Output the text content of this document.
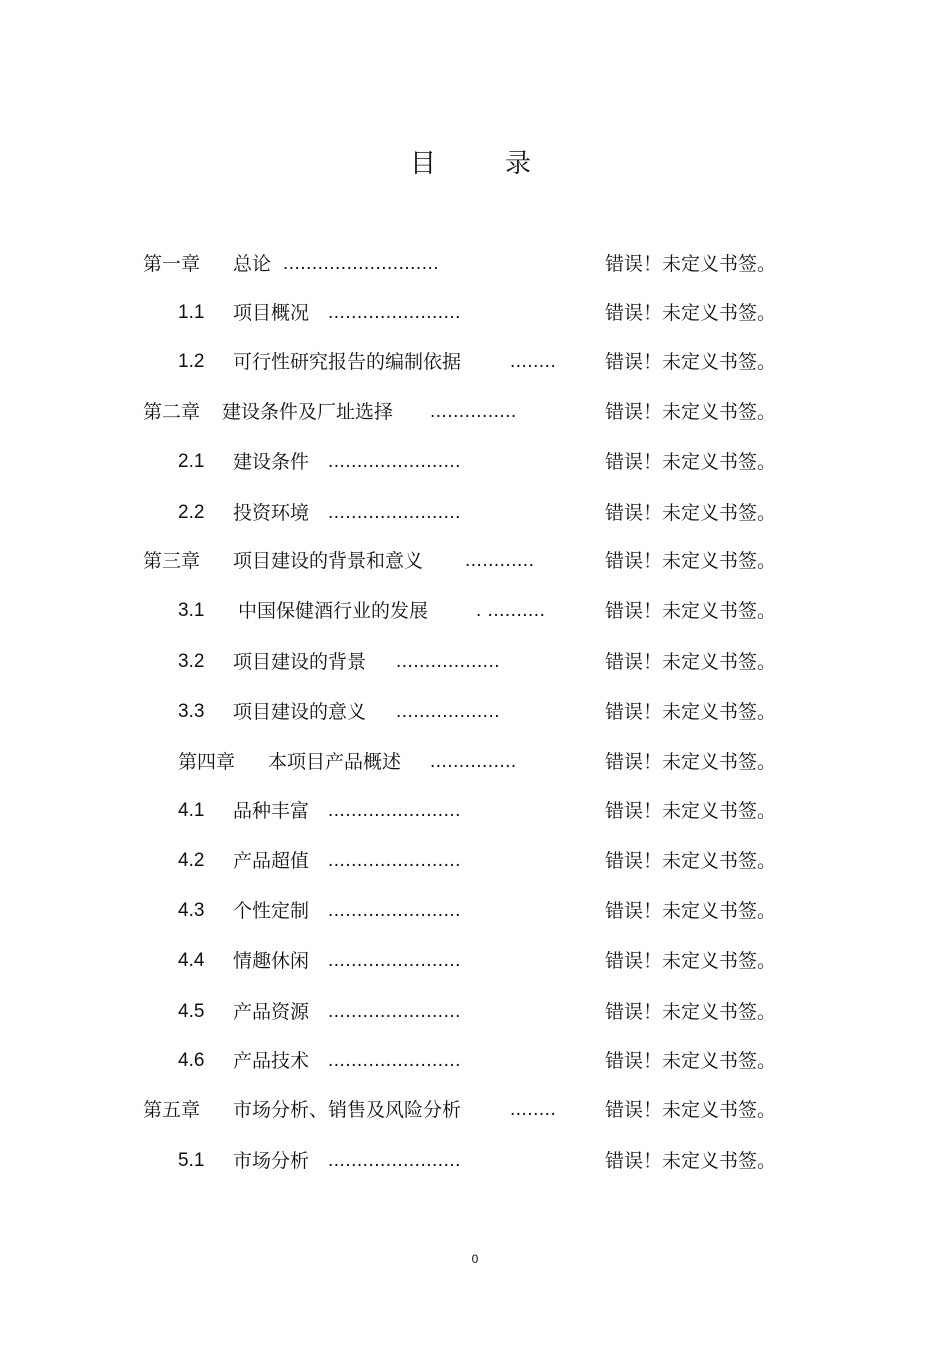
目	录
第一章 总论 ...........................	错误！未定义书签。
1.1 项目概况 .......................	错误！未定义书签。
1.2 可行性研究报告的编制依据	........	错误！未定义书签。
第二章 建设条件及厂址选择 ...............	错误！未定义书签。
2.1 建设条件 .......................	错误！未定义书签。
2.2 投资环境 .......................	错误！未定义书签。
第三章 项目建设的背景和意义 ............	错误！未定义书签。
3.1 中国保健酒行业的发展	. ..........	错误！未定义书签。
3.2 项目建设的背景 ..................	错误！未定义书签。
3.3 项目建设的意义 ..................	错误！未定义书签。
第四章 本项目产品概述 ...............	错误！未定义书签。
4.1 品种丰富 .......................	错误！未定义书签。
4.2 产品超值 .......................	错误！未定义书签。
4.3 个性定制 .......................	错误！未定义书签。
4.4 情趣休闲 .......................	错误！未定义书签。
4.5 产品资源 .......................	错误！未定义书签。
4.6 产品技术 .......................	错误！未定义书签。
第五章 市场分析、销售及风险分析	........	错误！未定义书签。
5.1 市场分析 .......................	错误！未定义书签。
0
